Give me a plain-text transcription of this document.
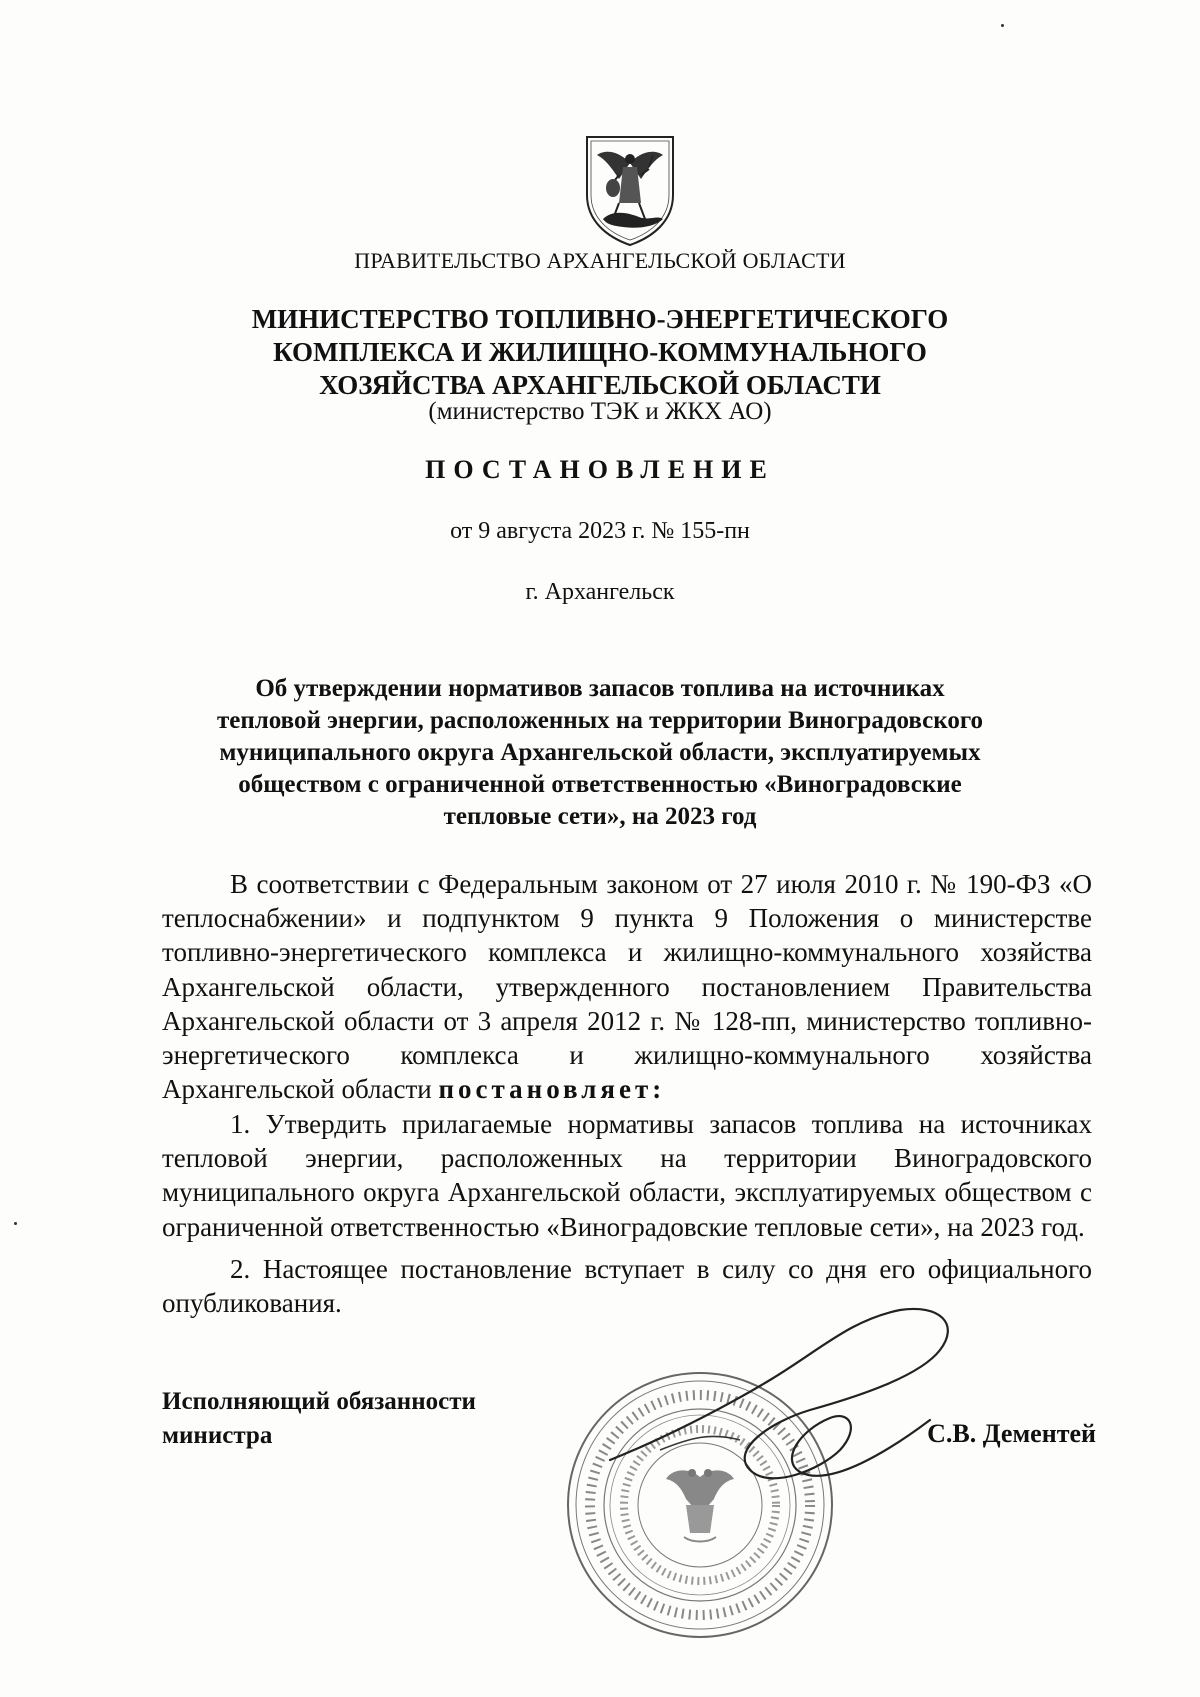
ПРАВИТЕЛЬСТВО АРХАНГЕЛЬСКОЙ ОБЛАСТИ
МИНИСТЕРСТВО ТОПЛИВНО-ЭНЕРГЕТИЧЕСКОГО
КОМПЛЕКСА И ЖИЛИЩНО-КОММУНАЛЬНОГО
ХОЗЯЙСТВА АРХАНГЕЛЬСКОЙ ОБЛАСТИ
(министерство ТЭК и ЖКХ АО)
ПОСТАНОВЛЕНИЕ
от 9 августа 2023 г. № 155-пн
г. Архангельск
Об утверждении нормативов запасов топлива на источниках
тепловой энергии, расположенных на территории Виноградовского
муниципального округа Архангельской области, эксплуатируемых
обществом с ограниченной ответственностью «Виноградовские
тепловые сети», на 2023 год

В соответствии с Федеральным законом от 27 июля 2010 г. № 190-ФЗ «О теплоснабжении» и подпунктом 9 пункта 9 Положения о министерстве топливно-энергетического комплекса и жилищно-коммунального хозяйства Архангельской области, утвержденного постановлением Правительства Архангельской области от 3 апреля 2012 г. № 128-пп, министерство топливно-энергетического комплекса и жилищно-коммунального хозяйства Архангельской области постановляет:

1. Утвердить прилагаемые нормативы запасов топлива на источниках тепловой энергии, расположенных на территории Виноградовского муниципального округа Архангельской области, эксплуатируемых обществом с ограниченной ответственностью «Виноградовские тепловые сети», на 2023 год.

2. Настоящее постановление вступает в силу со дня его официального опубликования.

Исполняющий обязанности
министра	С.В. Дементей
